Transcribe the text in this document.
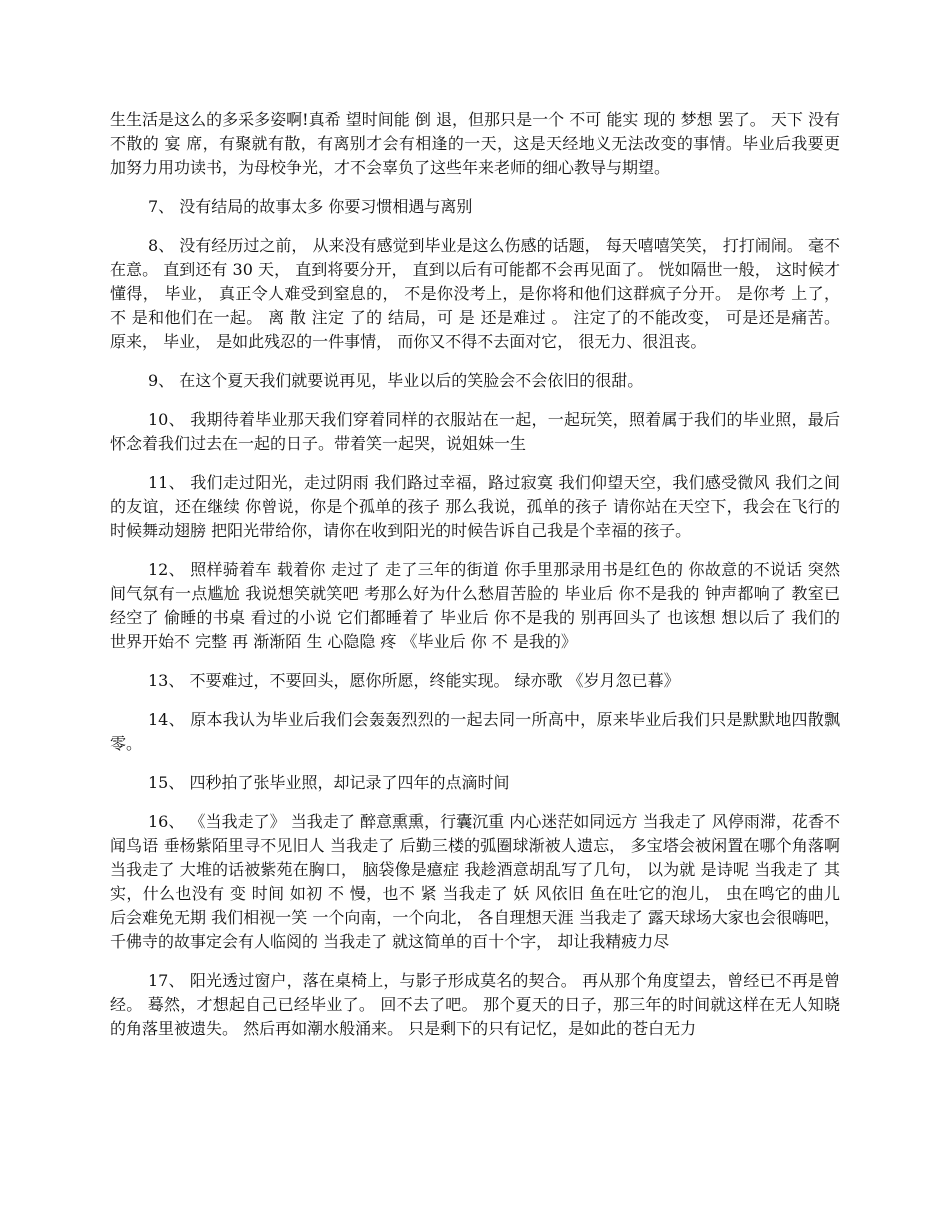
生生活是这么的多采多姿啊!真希 望时间能 倒 退，但那只是一个 不可 能实 现的 梦想 罢了。 天下 没有不散的 宴 席，有聚就有散，有离别才会有相逢的一天，这是天经地义无法改变的事情。毕业后我要更加努力用功读书，为母校争光，才不会辜负了这些年来老师的细心教导与期望。

7、 没有结局的故事太多 你要习惯相遇与离别

8、 没有经历过之前， 从来没有感觉到毕业是这么伤感的话题， 每天嘻嘻笑笑， 打打闹闹。 毫不在意。 直到还有 30 天， 直到将要分开， 直到以后有可能都不会再见面了。 恍如隔世一般， 这时候才懂得， 毕业， 真正令人难受到窒息的， 不是你没考上，是你将和他们这群疯子分开。 是你考 上了， 不 是和他们在一起。 离 散 注定 了的 结局，可 是 还是难过 。 注定了的不能改变， 可是还是痛苦。 原来， 毕业， 是如此残忍的一件事情， 而你又不得不去面对它， 很无力、很沮丧。

9、 在这个夏天我们就要说再见，毕业以后的笑脸会不会依旧的很甜。

10、 我期待着毕业那天我们穿着同样的衣服站在一起，一起玩笑，照着属于我们的毕业照，最后怀念着我们过去在一起的日子。带着笑一起哭，说姐妹一生

11、 我们走过阳光，走过阴雨 我们路过幸福，路过寂寞 我们仰望天空，我们感受微风 我们之间的友谊，还在继续 你曾说，你是个孤单的孩子 那么我说，孤单的孩子 请你站在天空下，我会在飞行的时候舞动翅膀 把阳光带给你，请你在收到阳光的时候告诉自己我是个幸福的孩子。

12、 照样骑着车 载着你 走过了 走了三年的街道 你手里那录用书是红色的 你故意的不说话 突然间气氛有一点尴尬 我说想笑就笑吧 考那么好为什么愁眉苦脸的 毕业后 你不是我的 钟声都响了 教室已经空了 偷睡的书桌 看过的小说 它们都睡着了 毕业后 你不是我的 别再回头了 也该想 想以后了 我们的世界开始不 完整 再 渐渐陌 生 心隐隐 疼 《毕业后 你 不 是我的》

13、 不要难过，不要回头，愿你所愿，终能实现。 绿亦歌 《岁月忽已暮》

14、 原本我认为毕业后我们会轰轰烈烈的一起去同一所高中，原来毕业后我们只是默默地四散飘零。

15、 四秒拍了张毕业照，却记录了四年的点滴时间

16、 《当我走了》 当我走了 醉意熏熏，行囊沉重 内心迷茫如同远方 当我走了 风停雨滞，花香不闻鸟语 垂杨紫陌里寻不见旧人 当我走了 后勤三楼的弧圈球渐被人遗忘， 多宝塔会被闲置在哪个角落啊 当我走了 大堆的话被紫苑在胸口， 脑袋像是癔症 我趁酒意胡乱写了几句， 以为就 是诗呢 当我走了 其实，什么也没有 变 时间 如初 不 慢，也不 紧 当我走了 妖 风依旧 鱼在吐它的泡儿， 虫在鸣它的曲儿 后会难免无期 我们相视一笑 一个向南，一个向北， 各自理想天涯 当我走了 露天球场大家也会很嗨吧， 千佛寺的故事定会有人临阅的 当我走了 就这简单的百十个字， 却让我精疲力尽

17、 阳光透过窗户，落在桌椅上，与影子形成莫名的契合。 再从那个角度望去，曾经已不再是曾经。 蓦然，才想起自己已经毕业了。 回不去了吧。 那个夏天的日子，那三年的时间就这样在无人知晓的角落里被遗失。 然后再如潮水般涌来。 只是剩下的只有记忆，是如此的苍白无力
